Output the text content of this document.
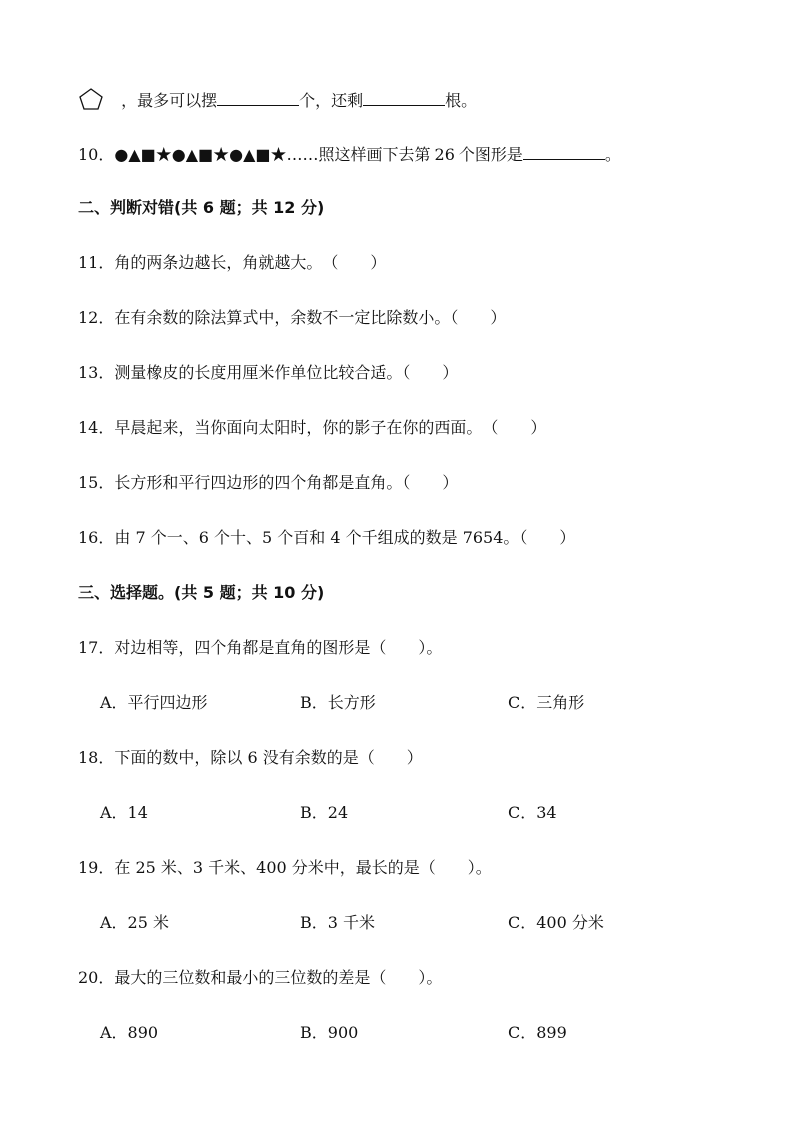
，最多可以摆	个，还剩	根。
10．●▲■★●▲■★●▲■★……照这样画下去第 26 个图形是	。
二、判断对错(共 6 题；共 12 分)
11．角的两条边越长，角就越大。　（　　）
12．在有余数的除法算式中，余数不一定比除数小。（　　）
13．测量橡皮的长度用厘米作单位比较合适。（　　）
14．早晨起来，当你面向太阳时，你的影子在你的西面。　（　　）
15．长方形和平行四边形的四个角都是直角。（　　）
16．由 7 个一、6 个十、5 个百和 4 个千组成的数是 7654。（　　）
三、选择题。(共 5 题；共 10 分)
17．对边相等，四个角都是直角的图形是（　　）。
A．平行四边形	B．长方形	C．三角形
18．下面的数中，除以 6 没有余数的是（　　）
A．14	B．24	C．34
19．在 25 米、3 千米、400 分米中，最长的是（　　）。
A．25 米	B．3 千米	C．400 分米
20．最大的三位数和最小的三位数的差是（　　）。
A．890	B．900	C．899
